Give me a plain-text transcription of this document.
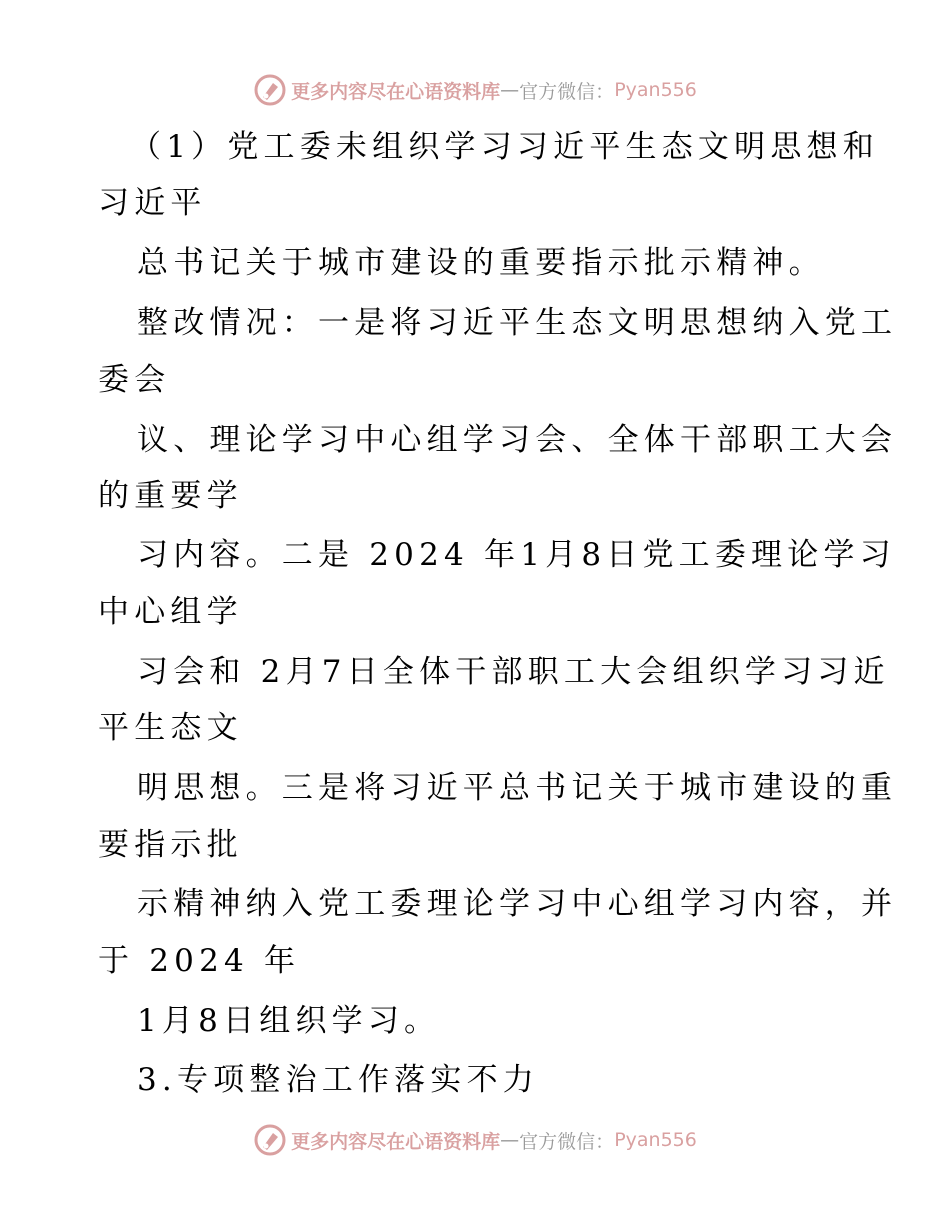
更多内容尽在心语资料库 — 官方微信： Pyan556
（1）党工委未组织学习习近平生态文明思想和
习近平
总书记关于城市建设的重要指示批示精神。
整改情况：一是将习近平生态文明思想纳入党工
委会
议、理论学习中心组学习会、全体干部职工大会
的重要学
习内容。二是 2024 年1月8日党工委理论学习
中心组学
习会和 2月7日全体干部职工大会组织学习习近
平生态文
明思想。三是将习近平总书记关于城市建设的重
要指示批
示精神纳入党工委理论学习中心组学习内容，并
于 2024 年
1月8日组织学习。
3.专项整治工作落实不力
更多内容尽在心语资料库 — 官方微信： Pyan556
